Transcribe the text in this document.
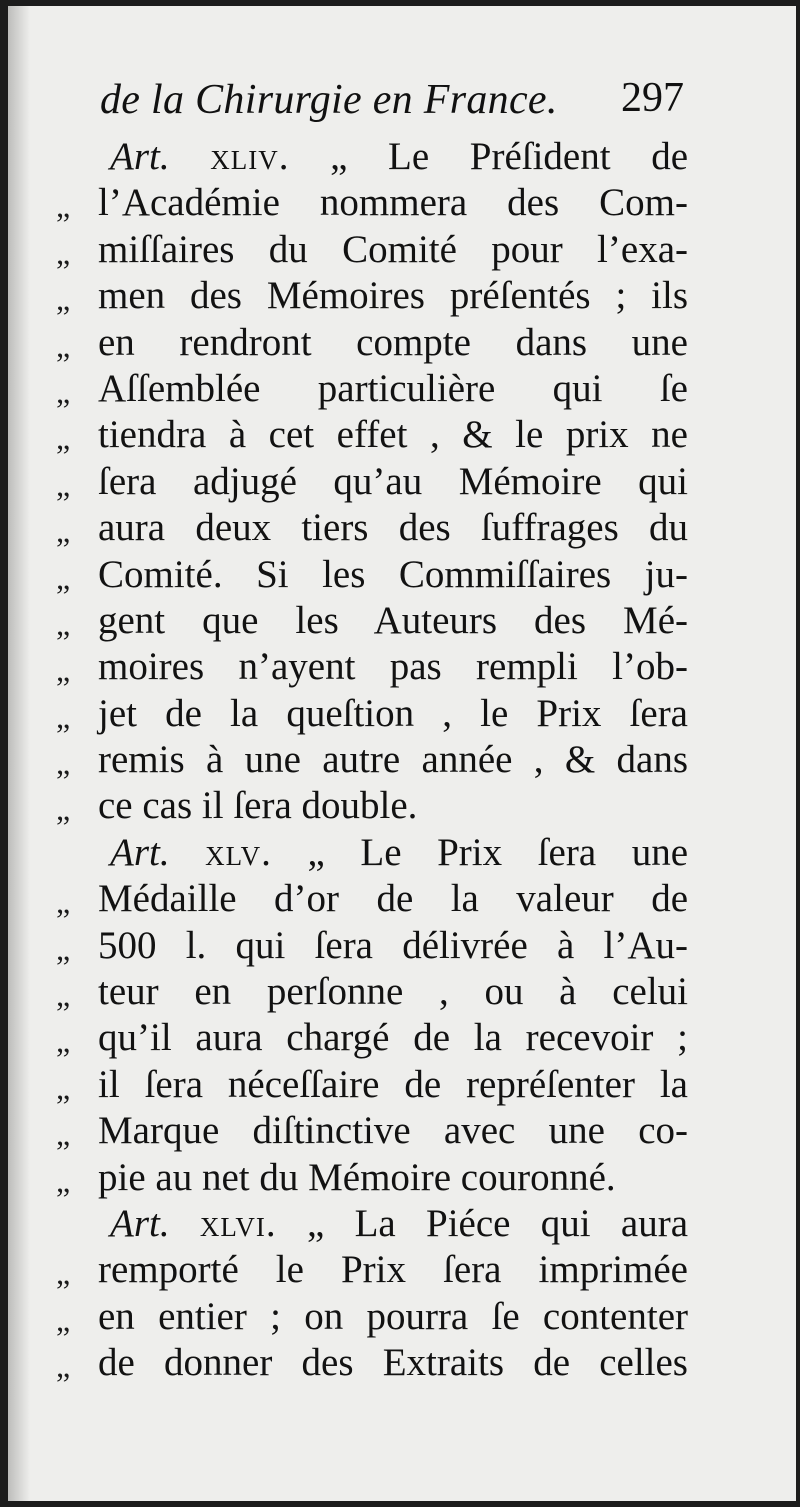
de la Chirurgie en France. 297
Art. xliv. „ Le Préſident de
„ l’Académie nommera des Com-
„ miſſaires du Comité pour l’exa-
„ men des Mémoires préſentés ; ils
„ en rendront compte dans une
„ Aſſemblée particulière qui ſe
„ tiendra à cet effet , & le prix ne
„ ſera adjugé qu’au Mémoire qui
„ aura deux tiers des ſuffrages du
„ Comité. Si les Commiſſaires ju-
„ gent que les Auteurs des Mé-
„ moires n’ayent pas rempli l’ob-
„ jet de la queſtion , le Prix ſera
„ remis à une autre année , & dans
„ ce cas il ſera double.
Art. xlv. „ Le Prix ſera une
„ Médaille d’or de la valeur de
„ 500 l. qui ſera délivrée à l’Au-
„ teur en perſonne , ou à celui
„ qu’il aura chargé de la recevoir ;
„ il ſera néceſſaire de repréſenter la
„ Marque diſtinctive avec une co-
„ pie au net du Mémoire couronné.
Art. xlvi. „ La Piéce qui aura
„ remporté le Prix ſera imprimée
„ en entier ; on pourra ſe contenter
„ de donner des Extraits de celles
